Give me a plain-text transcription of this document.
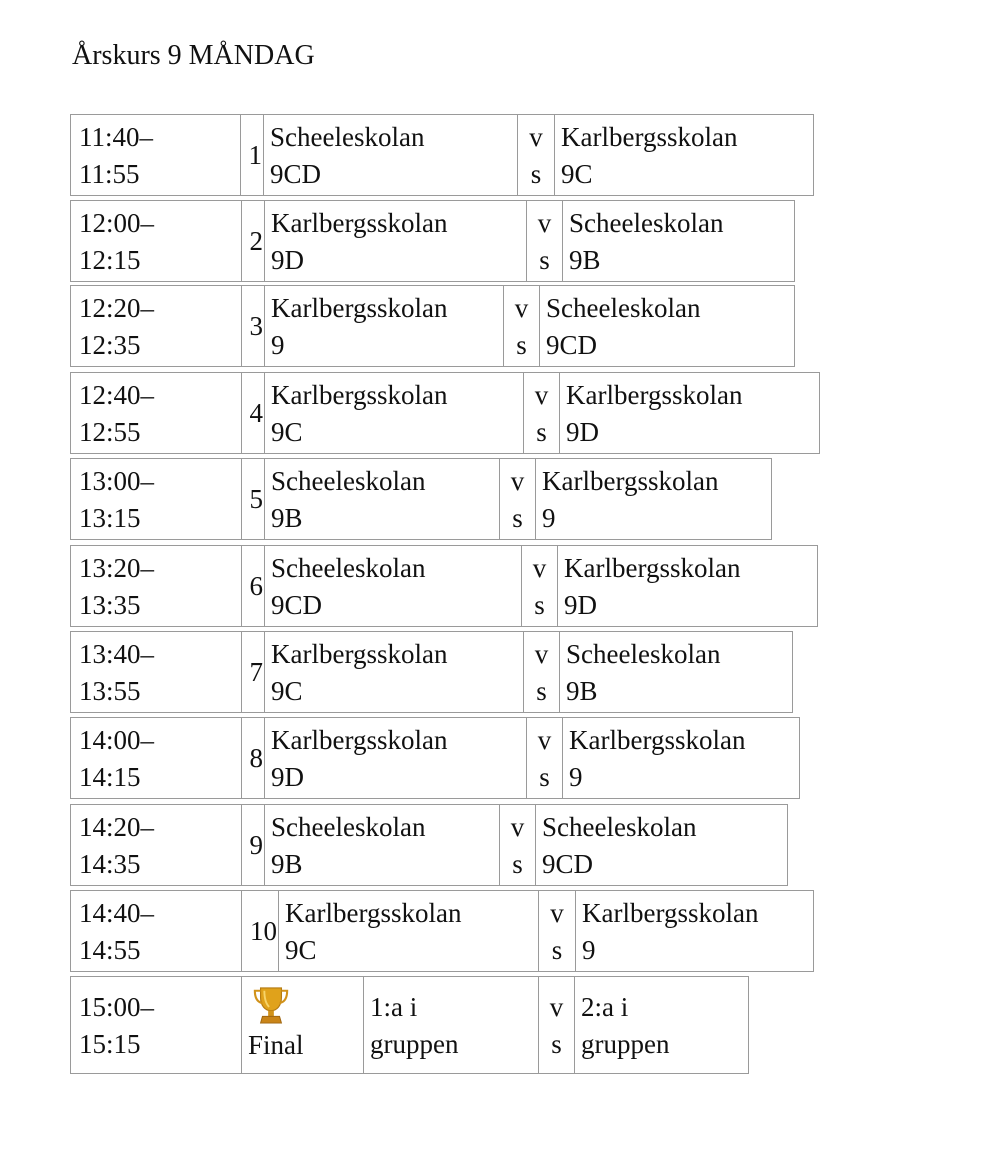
Årskurs 9 MÅNDAG
11:40–
11:55
1
Scheeleskolan
9CD
v
s
Karlbergsskolan
9C
12:00–
12:15
2
Karlbergsskolan
9D
v
s
Scheeleskolan
9B
12:20–
12:35
3
Karlbergsskolan
9
v
s
Scheeleskolan
9CD
12:40–
12:55
4
Karlbergsskolan
9C
v
s
Karlbergsskolan
9D
13:00–
13:15
5
Scheeleskolan
9B
v
s
Karlbergsskolan
9
13:20–
13:35
6
Scheeleskolan
9CD
v
s
Karlbergsskolan
9D
13:40–
13:55
7
Karlbergsskolan
9C
v
s
Scheeleskolan
9B
14:00–
14:15
8
Karlbergsskolan
9D
v
s
Karlbergsskolan
9
14:20–
14:35
9
Scheeleskolan
9B
v
s
Scheeleskolan
9CD
14:40–
14:55
10
Karlbergsskolan
9C
v
s
Karlbergsskolan
9
15:00–
15:15	Final
1:a i
gruppen
v
s
2:a i
gruppen
